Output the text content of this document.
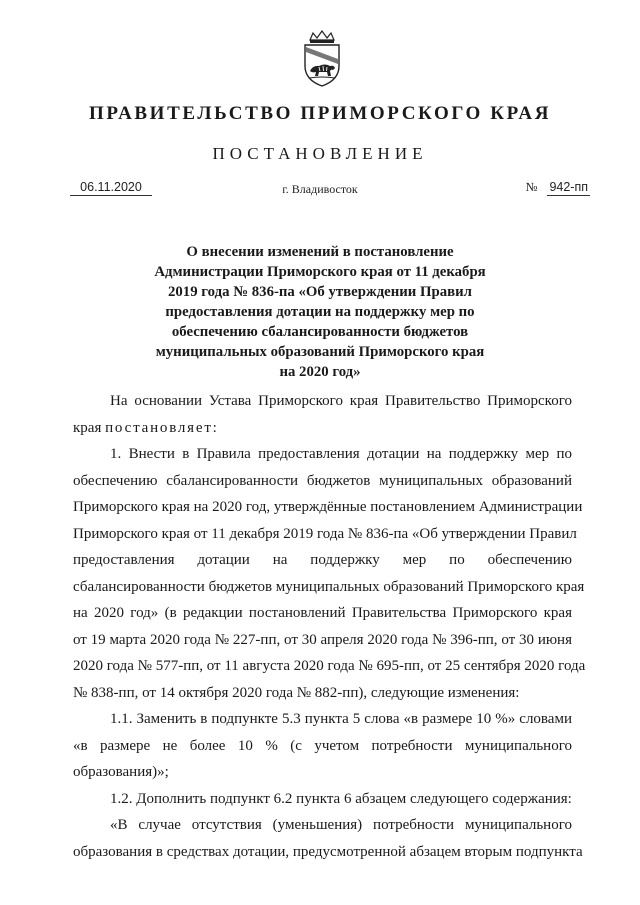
ПРАВИТЕЛЬСТВО ПРИМОРСКОГО КРАЯ
ПОСТАНОВЛЕНИЕ
06.11.2020	г. Владивосток	№ 942-пп
О внесении изменений в постановление
Администрации Приморского края от 11 декабря
2019 года № 836-па «Об утверждении Правил
предоставления дотации на поддержку мер по
обеспечению сбалансированности бюджетов
муниципальных образований Приморского края
на 2020 год»
На основании Устава Приморского края Правительство Приморского
края постановляет:
1. Внести в Правила предоставления дотации на поддержку мер по
обеспечению сбалансированности бюджетов муниципальных образований
Приморского края на 2020 год, утверждённые постановлением Администрации
Приморского края от 11 декабря 2019 года № 836-па «Об утверждении Правил
предоставления дотации на поддержку мер по обеспечению
сбалансированности бюджетов муниципальных образований Приморского края
на 2020 год» (в редакции постановлений Правительства Приморского края
от 19 марта 2020 года № 227-пп, от 30 апреля 2020 года № 396-пп, от 30 июня
2020 года № 577-пп, от 11 августа 2020 года № 695-пп, от 25 сентября 2020 года
№ 838-пп, от 14 октября 2020 года № 882-пп), следующие изменения:
1.1. Заменить в подпункте 5.3 пункта 5 слова «в размере 10 %» словами
«в размере не более 10 % (с учетом потребности муниципального
образования)»;
1.2. Дополнить подпункт 6.2 пункта 6 абзацем следующего содержания:
«В случае отсутствия (уменьшения) потребности муниципального
образования в средствах дотации, предусмотренной абзацем вторым подпункта
